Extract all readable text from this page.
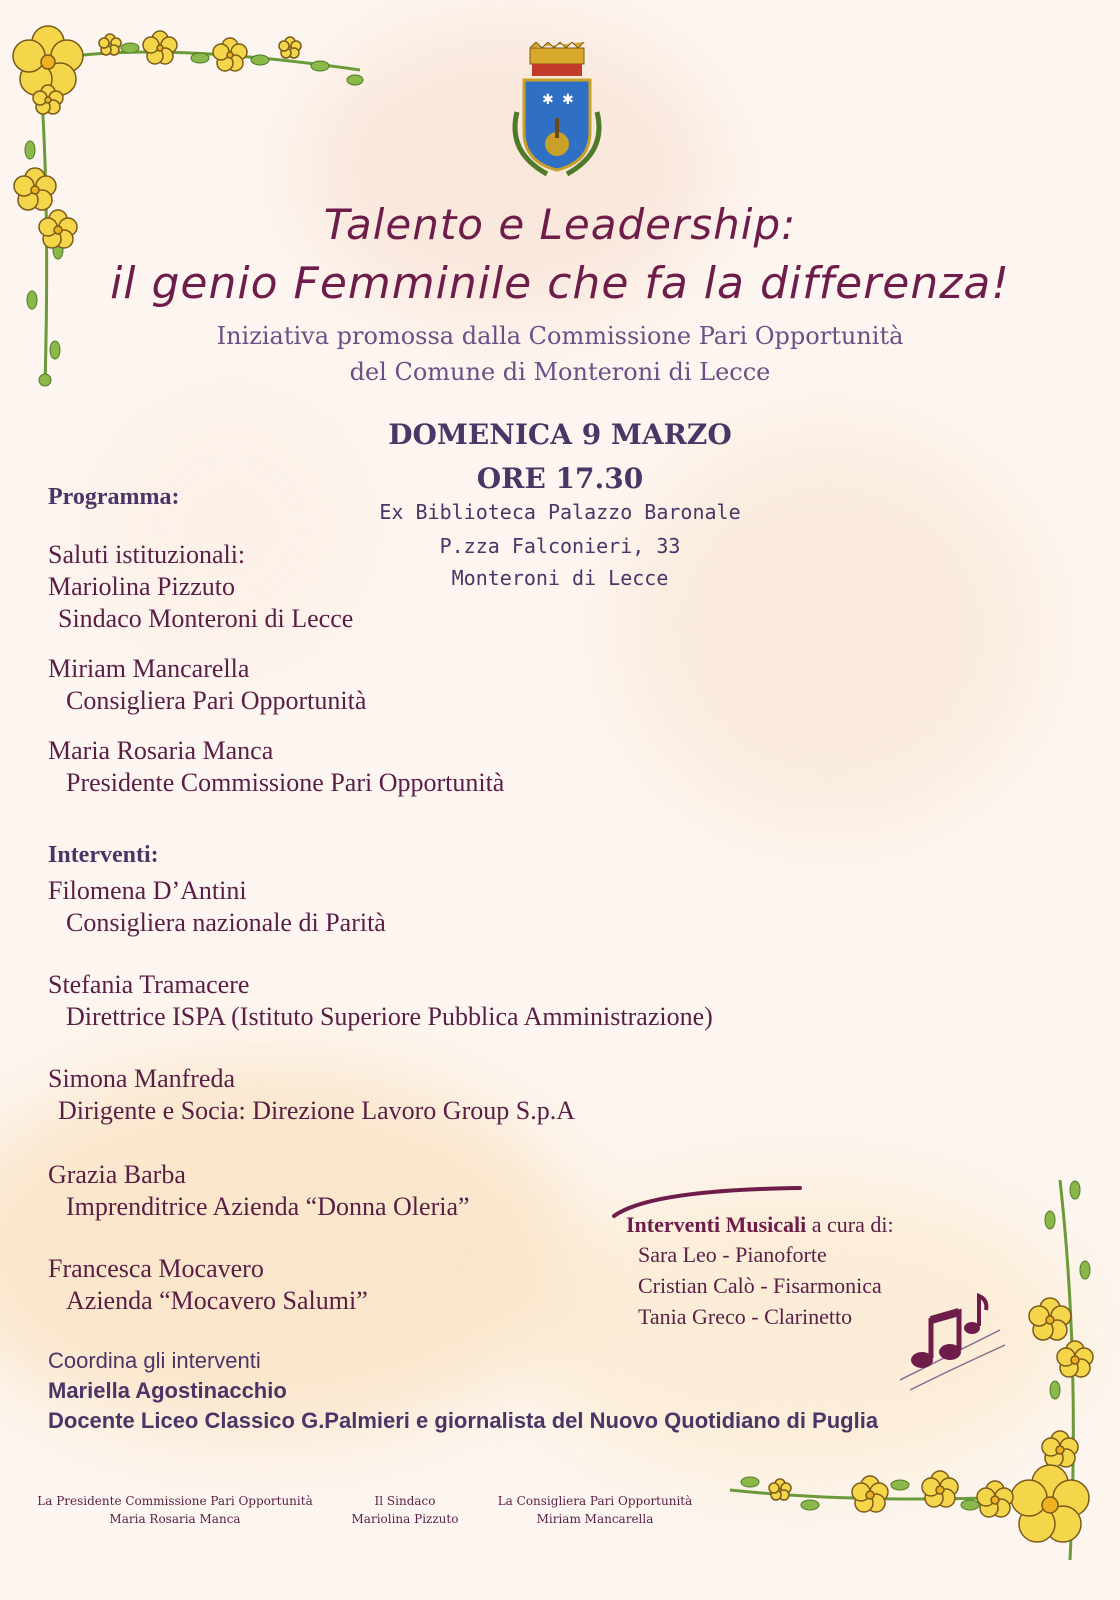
✱ ✱
Talento e Leadership:
il genio Femminile che fa la differenza!
Iniziativa promossa dalla Commissione Pari Opportunità
del Comune di Monteroni di Lecce
DOMENICA 9 MARZO
ORE 17.30
Ex Biblioteca Palazzo Baronale
P.zza Falconieri, 33
Monteroni di Lecce
Programma:
Saluti istituzionali:
Mariolina Pizzuto
Sindaco Monteroni di Lecce
Miriam Mancarella
Consigliera Pari Opportunità
Maria Rosaria Manca
Presidente Commissione Pari Opportunità
Interventi:
Filomena D’Antini
Consigliera nazionale di Parità
Stefania Tramacere
Direttrice ISPA (Istituto Superiore Pubblica Amministrazione)
Simona Manfreda
Dirigente e Socia: Direzione Lavoro Group S.p.A
Grazia Barba
Imprenditrice Azienda “Donna Oleria”
Francesca Mocavero
Azienda “Mocavero Salumi”
Coordina gli interventi
Mariella Agostinacchio
Docente Liceo Classico G.Palmieri e giornalista del Nuovo Quotidiano di Puglia
Interventi Musicali a cura di:
Sara Leo - Pianoforte
Cristian Calò - Fisarmonica
Tania Greco - Clarinetto
La Presidente Commissione Pari Opportunità
Maria Rosaria Manca
Il Sindaco
Mariolina Pizzuto
La Consigliera Pari Opportunità
Miriam Mancarella
